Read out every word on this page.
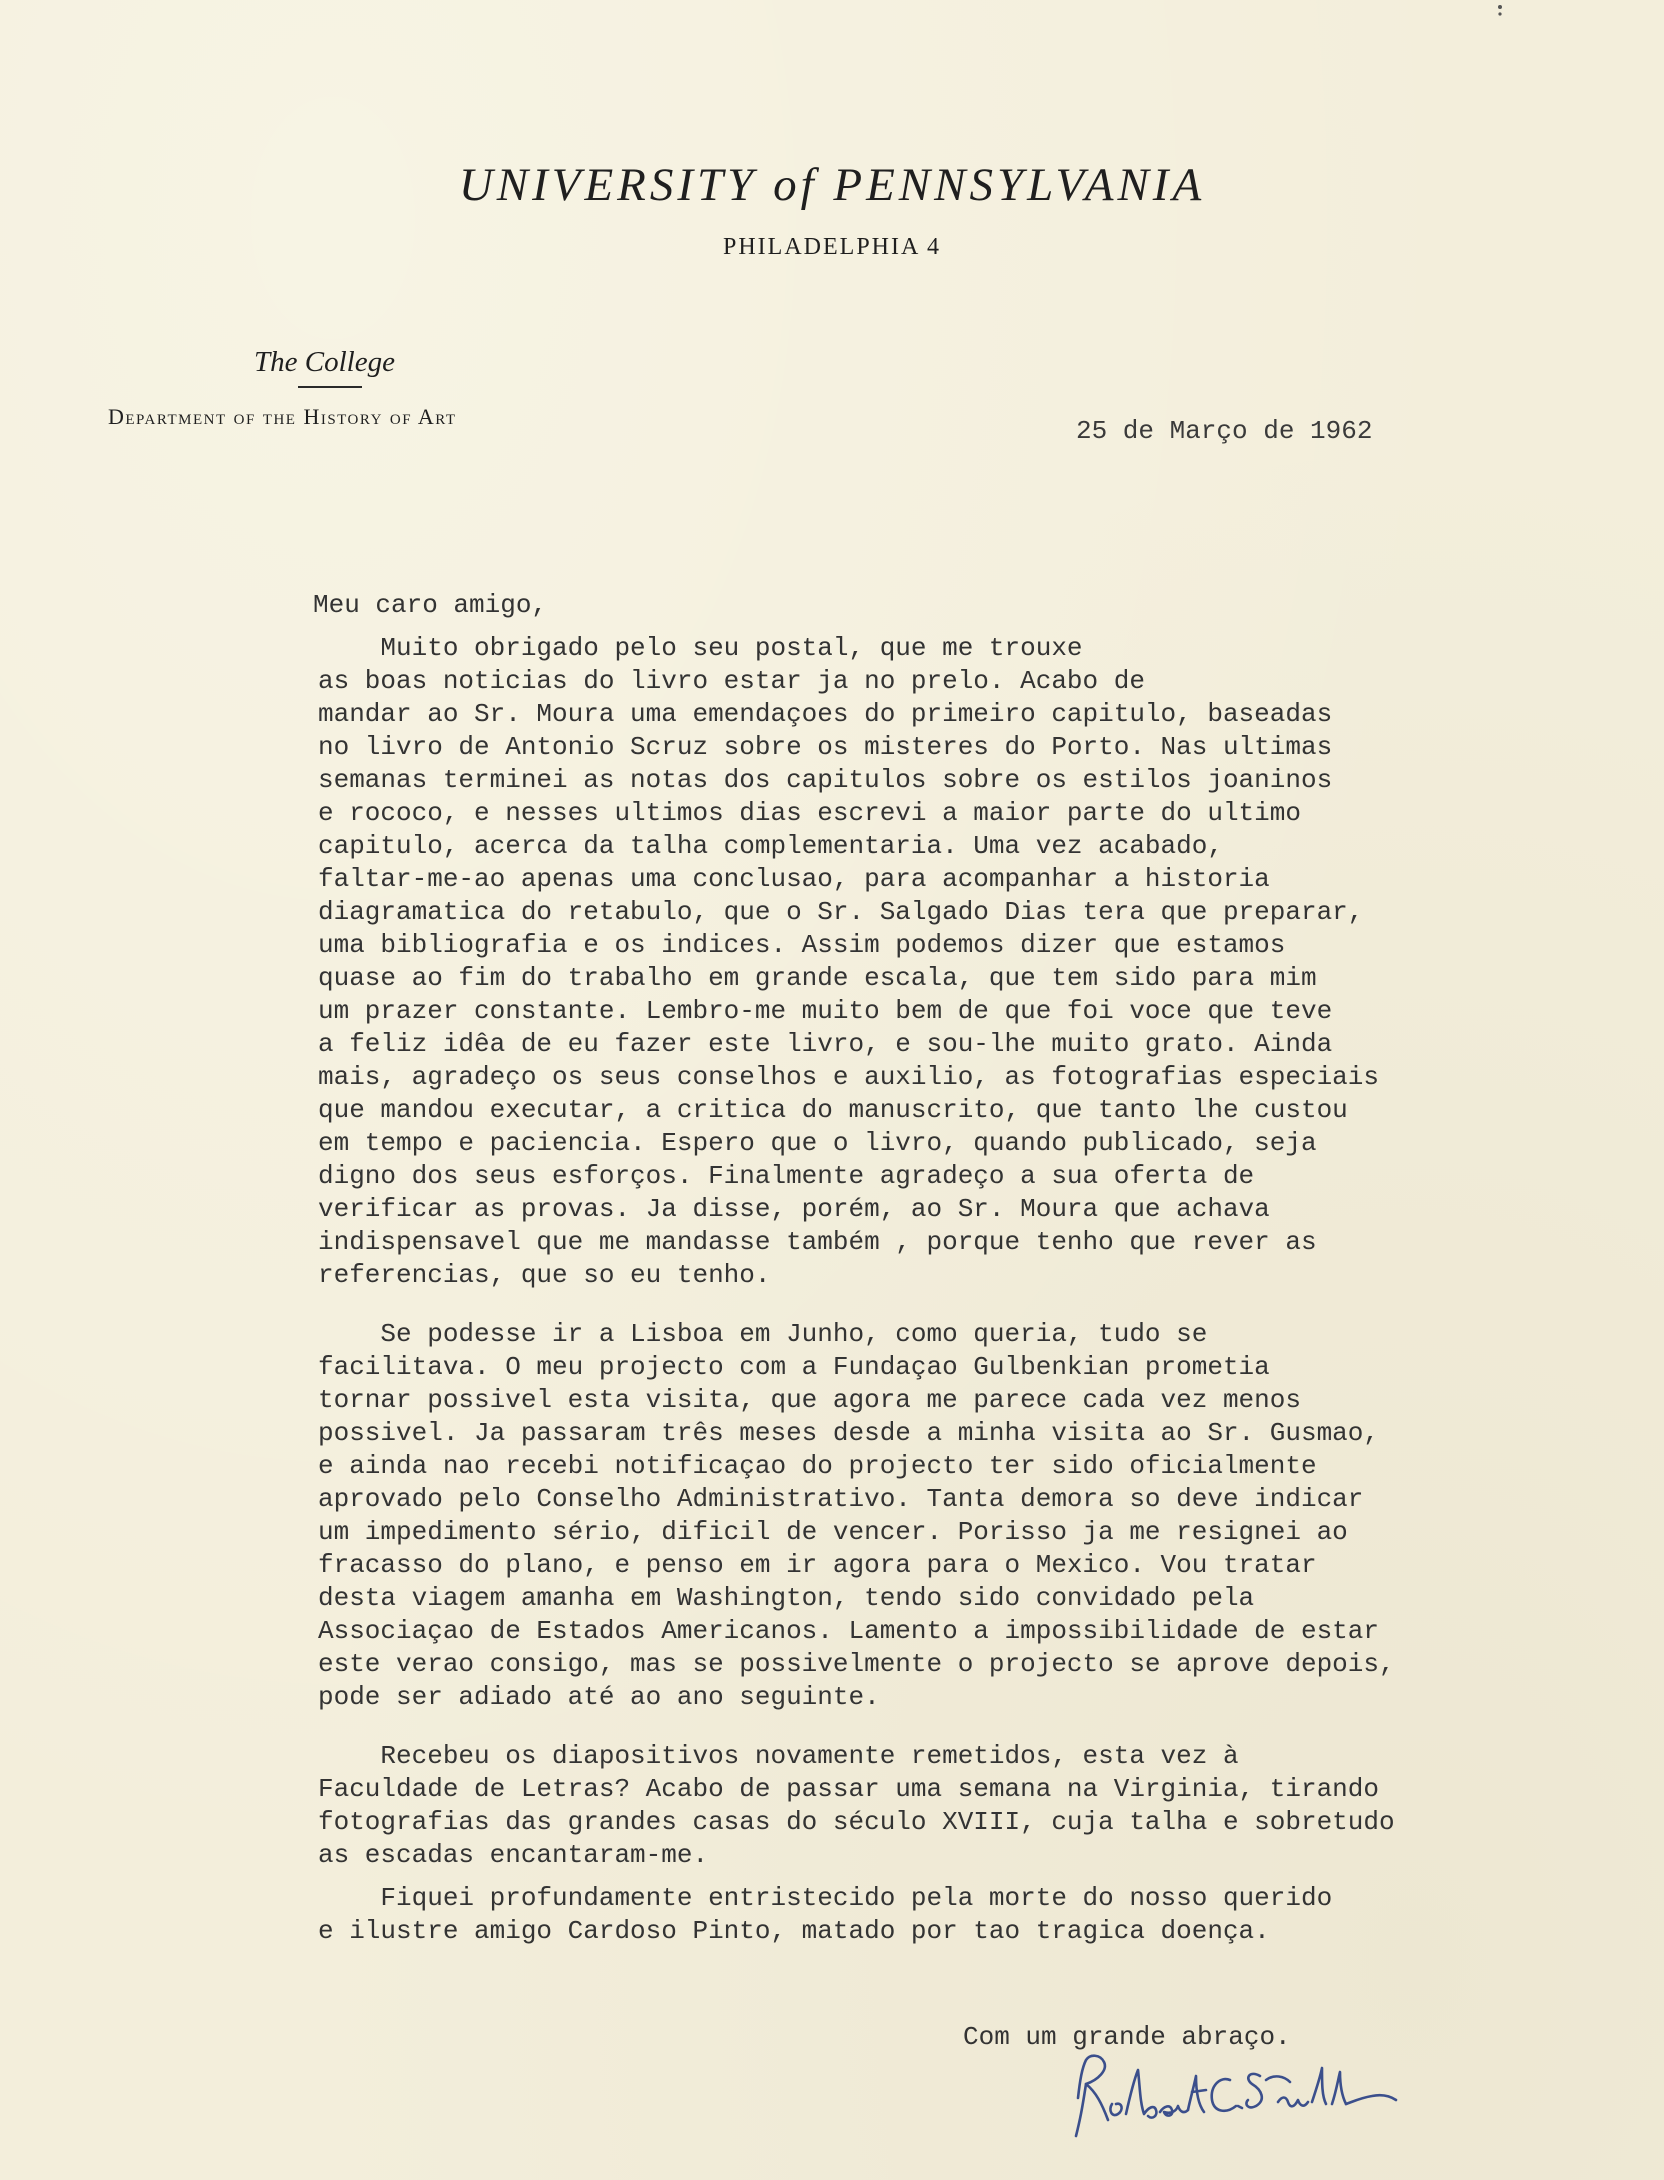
UNIVERSITY of PENNSYLVANIA
PHILADELPHIA 4
The College
Department of the History of Art	25 de Março de 1962
Meu caro amigo,
Muito obrigado pelo seu postal, que me trouxe
as boas noticias do livro estar ja no prelo. Acabo de
mandar ao Sr. Moura uma emendaçoes do primeiro capitulo, baseadas
no livro de Antonio Scruz sobre os misteres do Porto. Nas ultimas
semanas terminei as notas dos capitulos sobre os estilos joaninos
e rococo, e nesses ultimos dias escrevi a maior parte do ultimo
capitulo, acerca da talha complementaria. Uma vez acabado,
faltar-me-ao apenas uma conclusao, para acompanhar a historia
diagramatica do retabulo, que o Sr. Salgado Dias tera que preparar,
uma bibliografia e os indices. Assim podemos dizer que estamos
quase ao fim do trabalho em grande escala, que tem sido para mim
um prazer constante. Lembro-me muito bem de que foi voce que teve
a feliz idêa de eu fazer este livro, e sou-lhe muito grato. Ainda
mais, agradeço os seus conselhos e auxilio, as fotografias especiais
que mandou executar, a critica do manuscrito, que tanto lhe custou
em tempo e paciencia. Espero que o livro, quando publicado, seja
digno dos seus esforços. Finalmente agradeço a sua oferta de
verificar as provas. Ja disse, porém, ao Sr. Moura que achava
indispensavel que me mandasse também , porque tenho que rever as
referencias, que so eu tenho.
Se podesse ir a Lisboa em Junho, como queria, tudo se
facilitava. O meu projecto com a Fundaçao Gulbenkian prometia
tornar possivel esta visita, que agora me parece cada vez menos
possivel. Ja passaram três meses desde a minha visita ao Sr. Gusmao,
e ainda nao recebi notificaçao do projecto ter sido oficialmente
aprovado pelo Conselho Administrativo. Tanta demora so deve indicar
um impedimento sério, dificil de vencer. Porisso ja me resignei ao
fracasso do plano, e penso em ir agora para o Mexico. Vou tratar
desta viagem amanha em Washington, tendo sido convidado pela
Associaçao de Estados Americanos. Lamento a impossibilidade de estar
este verao consigo, mas se possivelmente o projecto se aprove depois,
pode ser adiado até ao ano seguinte.
Recebeu os diapositivos novamente remetidos, esta vez à
Faculdade de Letras? Acabo de passar uma semana na Virginia, tirando
fotografias das grandes casas do século XVIII, cuja talha e sobretudo
as escadas encantaram-me.
Fiquei profundamente entristecido pela morte do nosso querido
e ilustre amigo Cardoso Pinto, matado por tao tragica doença.
Com um grande abraço.
